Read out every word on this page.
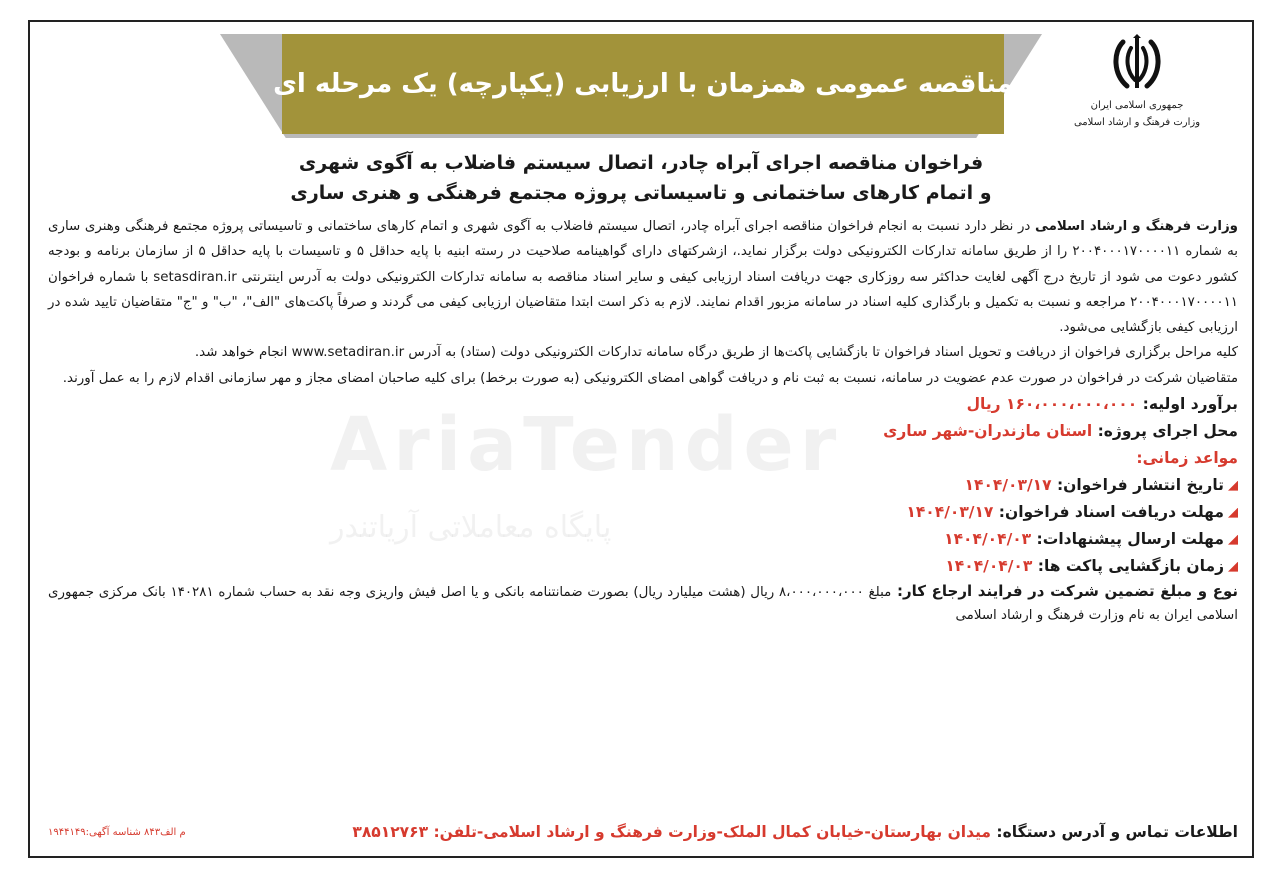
مناقصه عمومی همزمان با ارزیابی (یکپارچه) یک مرحله ای
جمهوری اسلامی ایران
وزارت فرهنگ و ارشاد اسلامی
فراخوان مناقصه اجرای آبراه چادر، اتصال سیستم فاضلاب به آگوی شهری
و اتمام کارهای ساختمانی و تاسیساتی پروژه مجتمع فرهنگی و هنری ساری
AriaTender
پایگاه معاملاتی آریاتندر

وزارت فرهنگ و ارشاد اسلامی در نظر دارد نسبت به انجام فراخوان مناقصه اجرای آبراه چادر، اتصال سیستم فاضلاب به آگوی شهری و اتمام کارهای ساختمانی و تاسیساتی پروژه مجتمع فرهنگی وهنری ساری به شماره ۲۰۰۴۰۰۰۱۷۰۰۰۰۱۱ را از طریق سامانه تدارکات الکترونیکی دولت برگزار نماید.، ازشرکتهای دارای گواهینامه صلاحیت در رسته ابنیه با پایه حداقل ۵ و تاسیسات با پایه حداقل ۵ از سازمان برنامه و بودجه کشور دعوت می شود از تاریخ درج آگهی لغایت حداکثر سه روزکاری جهت دریافت اسناد ارزیابی کیفی و سایر اسناد مناقصه به سامانه تدارکات الکترونیکی دولت به آدرس اینترنتی setasdiran.ir با شماره فراخوان ۲۰۰۴۰۰۰۱۷۰۰۰۰۱۱ مراجعه و نسبت به تکمیل و بارگذاری کلیه اسناد در سامانه مزبور اقدام نمایند. لازم به ذکر است ابتدا متقاضیان ارزیابی کیفی می گردند و صرفاً پاکت‌های "الف"، "ب" و "ج" متقاضیان تایید شده در ارزیابی کیفی بازگشایی می‌شود.

کلیه مراحل برگزاری فراخوان از دریافت و تحویل اسناد فراخوان تا بازگشایی پاکت‌ها از طریق درگاه سامانه تدارکات الکترونیکی دولت (ستاد) به آدرس www.setadiran.ir انجام خواهد شد.

متقاضیان شرکت در فراخوان در صورت عدم عضویت در سامانه، نسبت به ثبت نام و دریافت گواهی امضای الکترونیکی (به صورت برخط) برای کلیه صاحبان امضای مجاز و مهر سازمانی اقدام لازم را به عمل آورند.

برآورد اولیه: ۱۶۰،۰۰۰،۰۰۰،۰۰۰ ریال
محل اجرای پروژه: استان مازندران-شهر ساری
مواعد زمانی:
تاریخ انتشار فراخوان: ۱۴۰۴/۰۳/۱۷
مهلت دریافت اسناد فراخوان: ۱۴۰۴/۰۳/۱۷
مهلت ارسال پیشنهادات: ۱۴۰۴/۰۴/۰۳
زمان بازگشایی پاکت ها: ۱۴۰۴/۰۴/۰۳

نوع و مبلغ تضمین شرکت در فرایند ارجاع کار: مبلغ ۸،۰۰۰،۰۰۰،۰۰۰ ریال (هشت میلیارد ریال) بصورت ضمانتنامه بانکی و یا اصل فیش واریزی وجه نقد به حساب شماره ۱۴۰۲۸۱ بانک مرکزی جمهوری اسلامی ایران به نام وزارت فرهنگ و ارشاد اسلامی

اطلاعات تماس و آدرس دستگاه: میدان بهارستان-خیابان کمال الملک-وزارت فرهنگ و ارشاد اسلامی-تلفن: ۳۸۵۱۲۷۶۳
م الف۸۴۳ شناسه آگهی:۱۹۴۴۱۴۹
